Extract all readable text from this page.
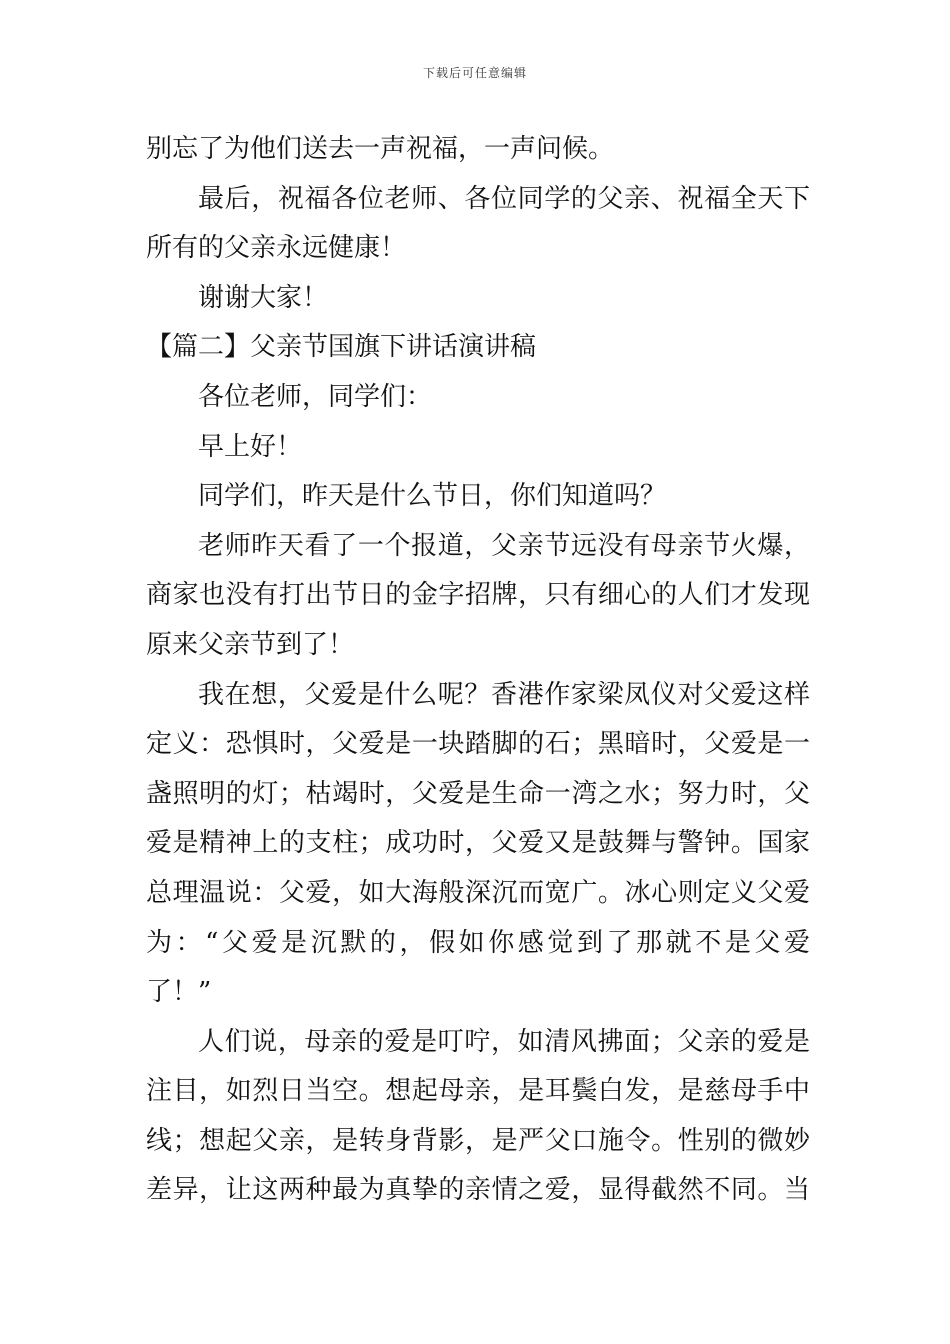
下载后可任意编辑
别忘了为他们送去一声祝福，一声问候。
最后，祝福各位老师、各位同学的父亲、祝福全天下
所有的父亲永远健康！
谢谢大家！
【篇二】父亲节国旗下讲话演讲稿
各位老师，同学们：
早上好！
同学们，昨天是什么节日，你们知道吗？
老师昨天看了一个报道，父亲节远没有母亲节火爆，
商家也没有打出节日的金字招牌，只有细心的人们才发现
原来父亲节到了！
我在想，父爱是什么呢？香港作家梁凤仪对父爱这样
定义：恐惧时，父爱是一块踏脚的石；黑暗时，父爱是一
盏照明的灯；枯竭时，父爱是生命一湾之水；努力时，父
爱是精神上的支柱；成功时，父爱又是鼓舞与警钟。国家
总理温说：父爱，如大海般深沉而宽广。冰心则定义父爱
为：“父爱是沉默的，假如你感觉到了那就不是父爱
了！”
人们说，母亲的爱是叮咛，如清风拂面；父亲的爱是
注目，如烈日当空。想起母亲，是耳鬓白发，是慈母手中
线；想起父亲，是转身背影，是严父口施令。性别的微妙
差异，让这两种最为真挚的亲情之爱，显得截然不同。当
